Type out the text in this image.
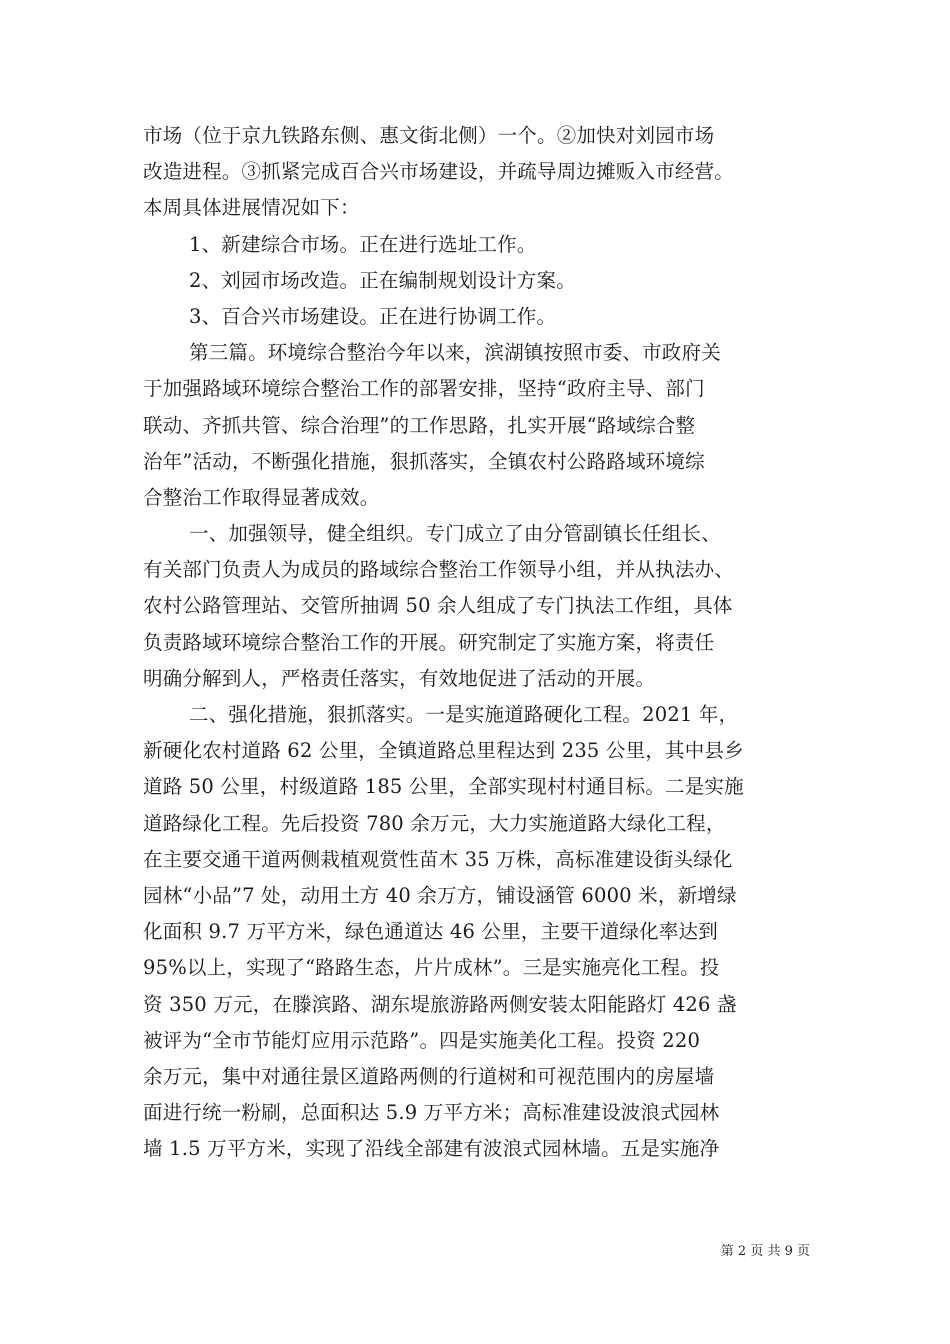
市场（位于京九铁路东侧、惠文街北侧）一个。②加快对刘园市场
改造进程。③抓紧完成百合兴市场建设，并疏导周边摊贩入市经营。
本周具体进展情况如下：
1、新建综合市场。正在进行选址工作。
2、刘园市场改造。正在编制规划设计方案。
3、百合兴市场建设。正在进行协调工作。
第三篇。环境综合整治今年以来，滨湖镇按照市委、市政府关
于加强路域环境综合整治工作的部署安排，坚持“政府主导、部门
联动、齐抓共管、综合治理”的工作思路，扎实开展“路域综合整
治年”活动，不断强化措施，狠抓落实，全镇农村公路路域环境综
合整治工作取得显著成效。
一、加强领导，健全组织。专门成立了由分管副镇长任组长、
有关部门负责人为成员的路域综合整治工作领导小组，并从执法办、
农村公路管理站、交管所抽调 50 余人组成了专门执法工作组，具体
负责路域环境综合整治工作的开展。研究制定了实施方案，将责任
明确分解到人，严格责任落实，有效地促进了活动的开展。
二、强化措施，狠抓落实。一是实施道路硬化工程。2021 年，
新硬化农村道路 62 公里，全镇道路总里程达到 235 公里，其中县乡
道路 50 公里，村级道路 185 公里，全部实现村村通目标。二是实施
道路绿化工程。先后投资 780 余万元，大力实施道路大绿化工程，
在主要交通干道两侧栽植观赏性苗木 35 万株，高标准建设街头绿化
园林“小品”7 处，动用土方 40 余万方，铺设涵管 6000 米，新增绿
化面积 9.7 万平方米，绿色通道达 46 公里，主要干道绿化率达到
95%以上，实现了“路路生态，片片成林”。三是实施亮化工程。投
资 350 万元，在滕滨路、湖东堤旅游路两侧安装太阳能路灯 426 盏
被评为“全市节能灯应用示范路”。四是实施美化工程。投资 220
余万元，集中对通往景区道路两侧的行道树和可视范围内的房屋墙
面进行统一粉刷，总面积达 5.9 万平方米；高标准建设波浪式园林
墙 1.5 万平方米，实现了沿线全部建有波浪式园林墙。五是实施净
第 2 页 共 9 页
